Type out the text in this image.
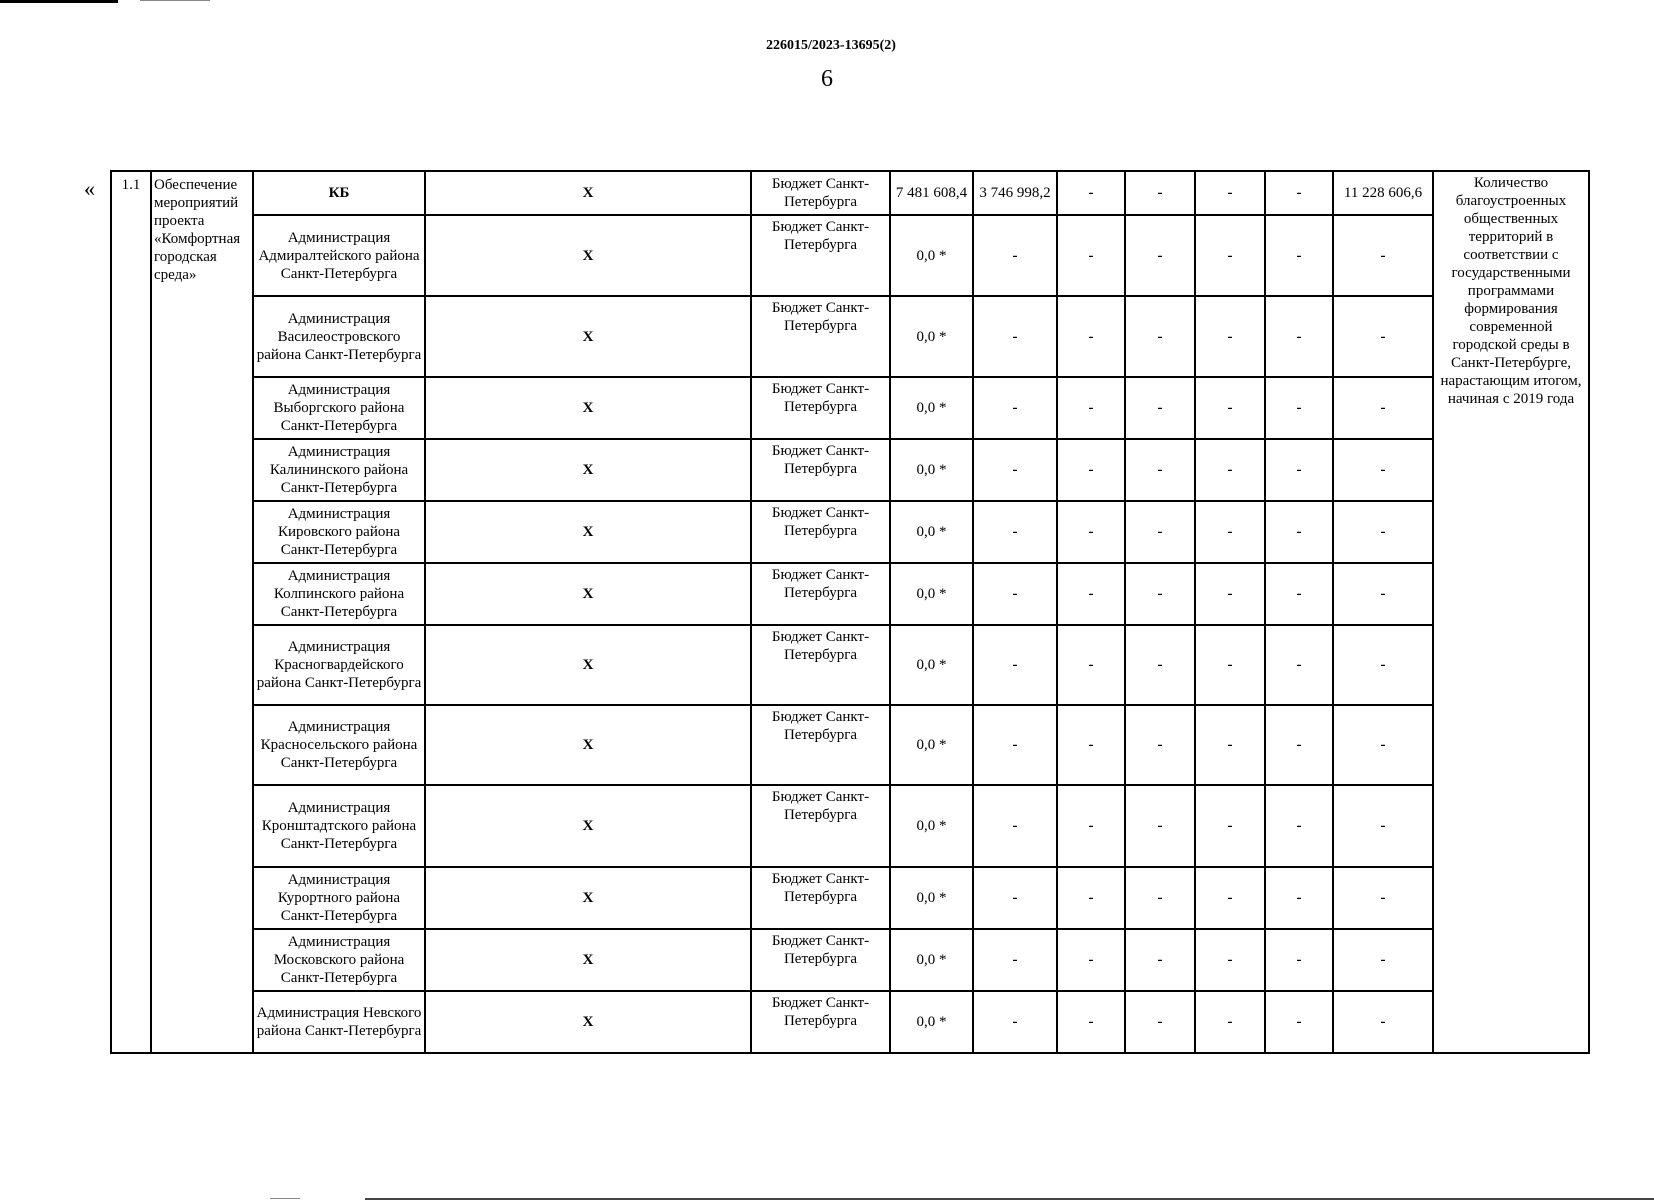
226015/2023-13695(2)
6
« 1.1	Обеспечение мероприятий проекта «Комфортная городская среда»	КБ	Х	Бюджет Санкт-Петербурга	7 481 608,4	3 746 998,2	-	-	-	-	11 228 606,6	Количество благоустроенных общественных территорий в соответствии с государственными программами формирования современной городской среды в Санкт-Петербурге, нарастающим итогом, начиная с 2019 года
		Администрация Адмиралтейского района Санкт-Петербурга	Х	Бюджет Санкт-Петербурга	0,0 *	-	-	-	-	-	-	
		Администрация Василеостровского района Санкт-Петербурга	Х	Бюджет Санкт-Петербурга	0,0 *	-	-	-	-	-	-	
		Администрация Выборгского района Санкт-Петербурга	Х	Бюджет Санкт-Петербурга	0,0 *	-	-	-	-	-	-	
		Администрация Калининского района Санкт-Петербурга	Х	Бюджет Санкт-Петербурга	0,0 *	-	-	-	-	-	-	
		Администрация Кировского района Санкт-Петербурга	Х	Бюджет Санкт-Петербурга	0,0 *	-	-	-	-	-	-	
		Администрация Колпинского района Санкт-Петербурга	Х	Бюджет Санкт-Петербурга	0,0 *	-	-	-	-	-	-	
		Администрация Красногвардейского района Санкт-Петербурга	Х	Бюджет Санкт-Петербурга	0,0 *	-	-	-	-	-	-	
		Администрация Красносельского района Санкт-Петербурга	Х	Бюджет Санкт-Петербурга	0,0 *	-	-	-	-	-	-	
		Администрация Кронштадтского района Санкт-Петербурга	Х	Бюджет Санкт-Петербурга	0,0 *	-	-	-	-	-	-	
		Администрация Курортного района Санкт-Петербурга	Х	Бюджет Санкт-Петербурга	0,0 *	-	-	-	-	-	-	
		Администрация Московского района Санкт-Петербурга	Х	Бюджет Санкт-Петербурга	0,0 *	-	-	-	-	-	-	
		Администрация Невского района Санкт-Петербурга	Х	Бюджет Санкт-Петербурга	0,0 *	-	-	-	-	-	-	
